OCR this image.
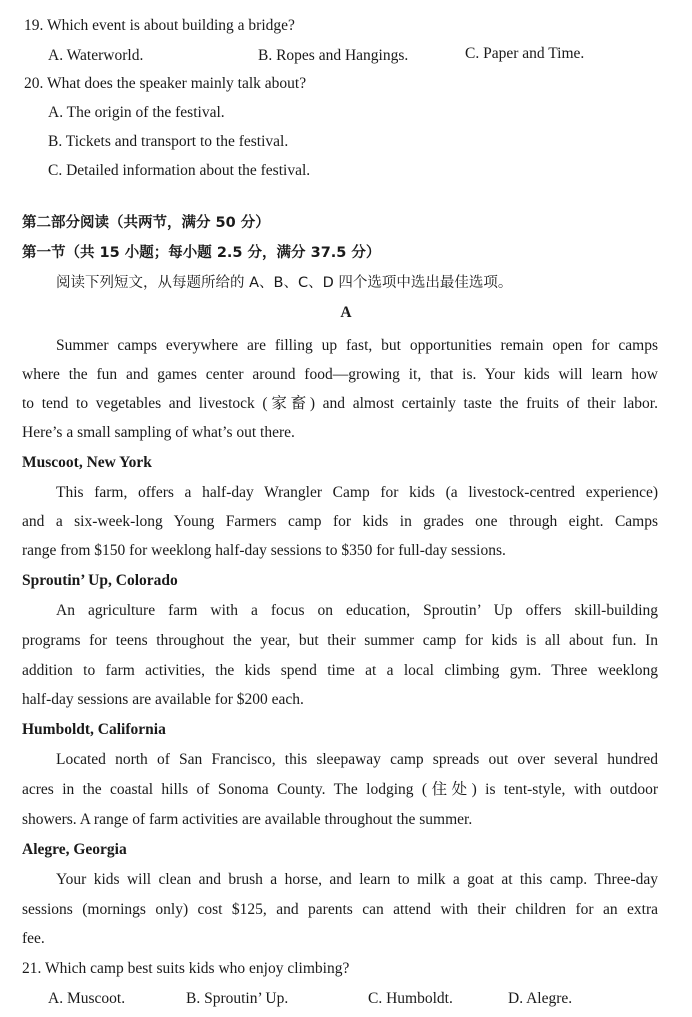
19. Which event is about building a bridge?
A. Waterworld.	B. Ropes and Hangings.	C. Paper and Time.
20. What does the speaker mainly talk about?
A. The origin of the festival.
B. Tickets and transport to the festival.
C. Detailed information about the festival.
第二部分阅读（共两节，满分 50 分）
第一节（共 15 小题；每小题 2.5 分，满分 37.5 分）
阅读下列短文，从每题所给的 A、B、C、D 四个选项中选出最佳选项。
A
Summer camps everywhere are filling up fast, but opportunities remain open for camps
where the fun and games center around food—growing it, that is. Your kids will learn how
to tend to vegetables and livestock (家畜) and almost certainly taste the fruits of their labor.
Here’s a small sampling of what’s out there.
Muscoot, New York
This farm, offers a half-day Wrangler Camp for kids (a livestock-centred experience)
and a six-week-long Young Farmers camp for kids in grades one through eight. Camps
range from $150 for weeklong half-day sessions to $350 for full-day sessions.
Sproutin’ Up, Colorado
An agriculture farm with a focus on education, Sproutin’ Up offers skill-building
programs for teens throughout the year, but their summer camp for kids is all about fun. In
addition to farm activities, the kids spend time at a local climbing gym. Three weeklong
half-day sessions are available for $200 each.
Humboldt, California
Located north of San Francisco, this sleepaway camp spreads out over several hundred
acres in the coastal hills of Sonoma County. The lodging (住处) is tent-style, with outdoor
showers. A range of farm activities are available throughout the summer.
Alegre, Georgia
Your kids will clean and brush a horse, and learn to milk a goat at this camp. Three-day
sessions (mornings only) cost $125, and parents can attend with their children for an extra
fee.
21. Which camp best suits kids who enjoy climbing?
A. Muscoot.	B. Sproutin’ Up.	C. Humboldt.	D. Alegre.
